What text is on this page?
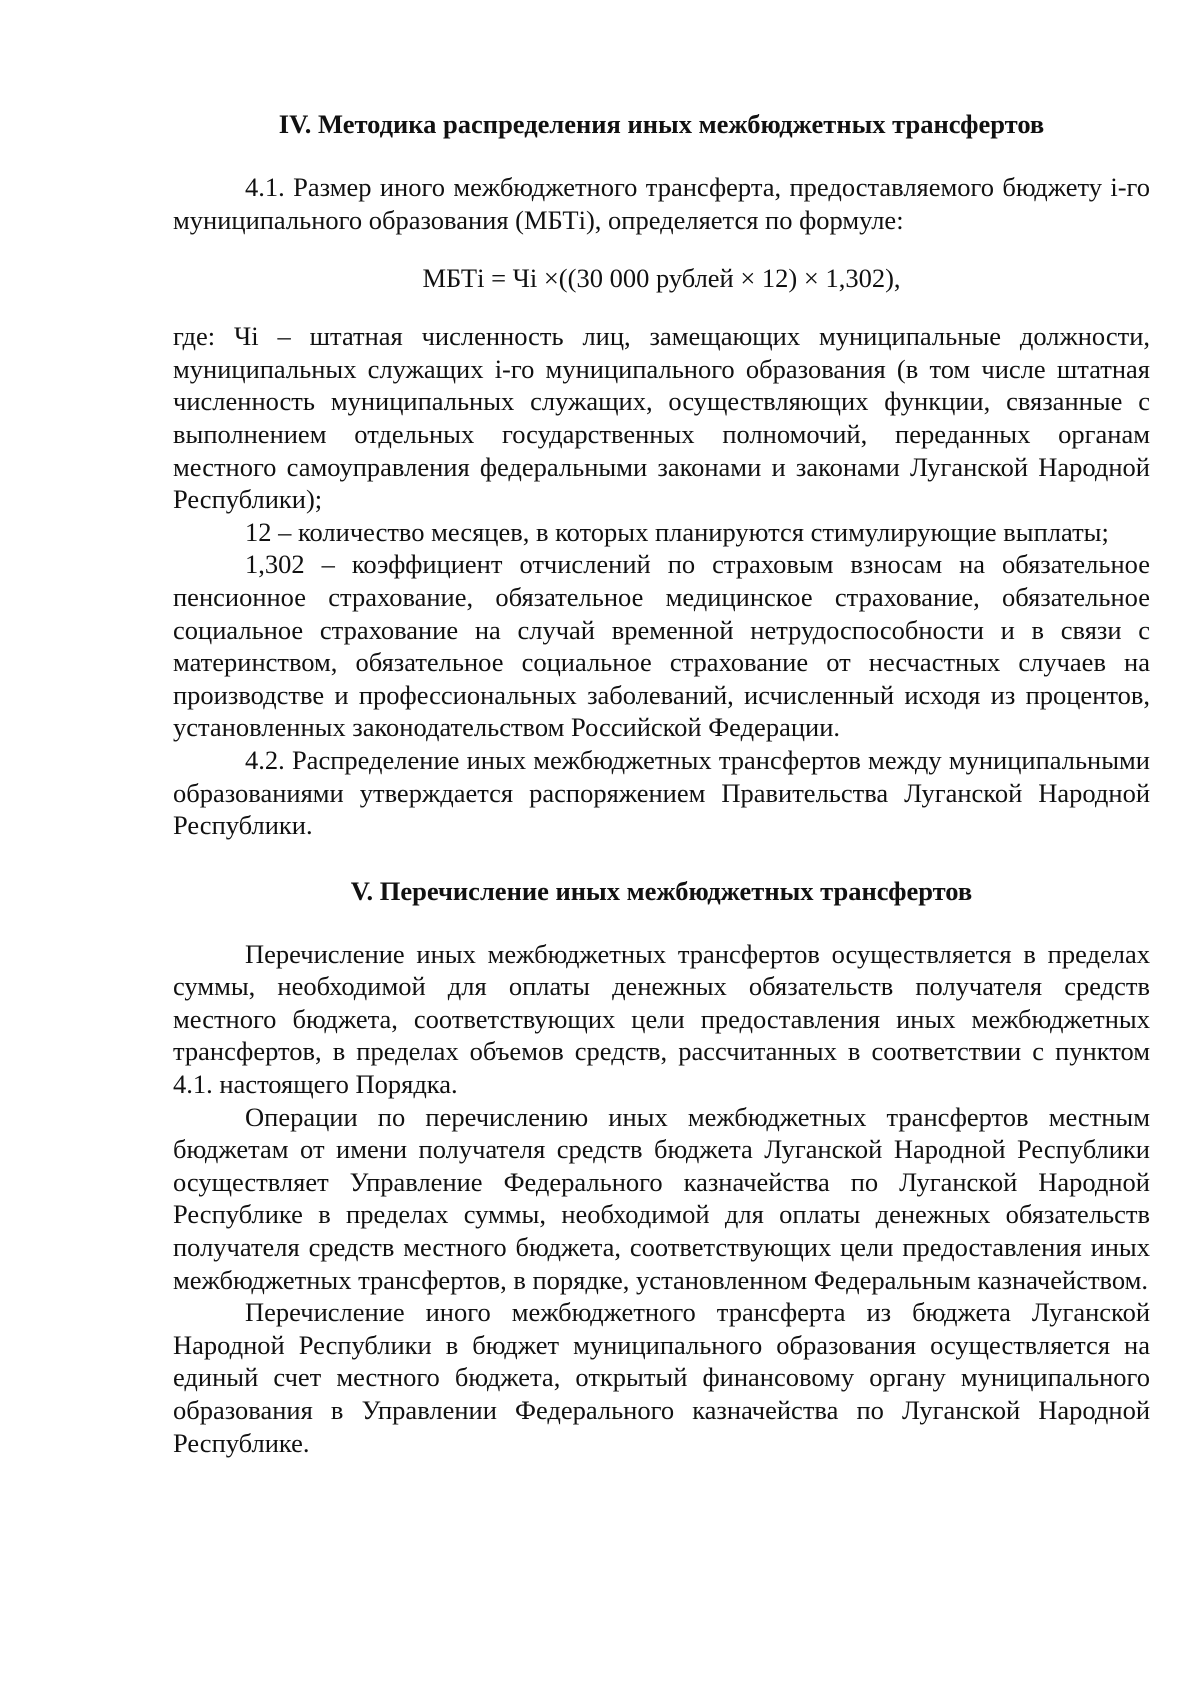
IV. Методика распределения иных межбюджетных трансфертов

4.1. Размер иного межбюджетного трансферта, предоставляемого бюджету i-го муниципального образования (МБТi), определяется по формуле:

МБТi = Чi ×((30 000 рублей × 12) × 1,302),

где: Чi – штатная численность лиц, замещающих муниципальные должности, муниципальных служащих i-го муниципального образования (в том числе штатная численность муниципальных служащих, осуществляющих функции, связанные с выполнением отдельных государственных полномочий, переданных органам местного самоуправления федеральными законами и законами Луганской Народной Республики);

12 – количество месяцев, в которых планируются стимулирующие выплаты;

1,302 – коэффициент отчислений по страховым взносам на обязательное пенсионное страхование, обязательное медицинское страхование, обязательное социальное страхование на случай временной нетрудоспособности и в связи с материнством, обязательное социальное страхование от несчастных случаев на производстве и профессиональных заболеваний, исчисленный исходя из процентов, установленных законодательством Российской Федерации.

4.2. Распределение иных межбюджетных трансфертов между муниципальными образованиями утверждается распоряжением Правительства Луганской Народной Республики.

V. Перечисление иных межбюджетных трансфертов

Перечисление иных межбюджетных трансфертов осуществляется в пределах суммы, необходимой для оплаты денежных обязательств получателя средств местного бюджета, соответствующих цели предоставления иных межбюджетных трансфертов, в пределах объемов средств, рассчитанных в соответствии с пунктом 4.1. настоящего Порядка.

Операции по перечислению иных межбюджетных трансфертов местным бюджетам от имени получателя средств бюджета Луганской Народной Республики осуществляет Управление Федерального казначейства по Луганской Народной Республике в пределах суммы, необходимой для оплаты денежных обязательств получателя средств местного бюджета, соответствующих цели предоставления иных межбюджетных трансфертов, в порядке, установленном Федеральным казначейством.

Перечисление иного межбюджетного трансферта из бюджета Луганской Народной Республики в бюджет муниципального образования осуществляется на единый счет местного бюджета, открытый финансовому органу муниципального образования в Управлении Федерального казначейства по Луганской Народной Республике.
